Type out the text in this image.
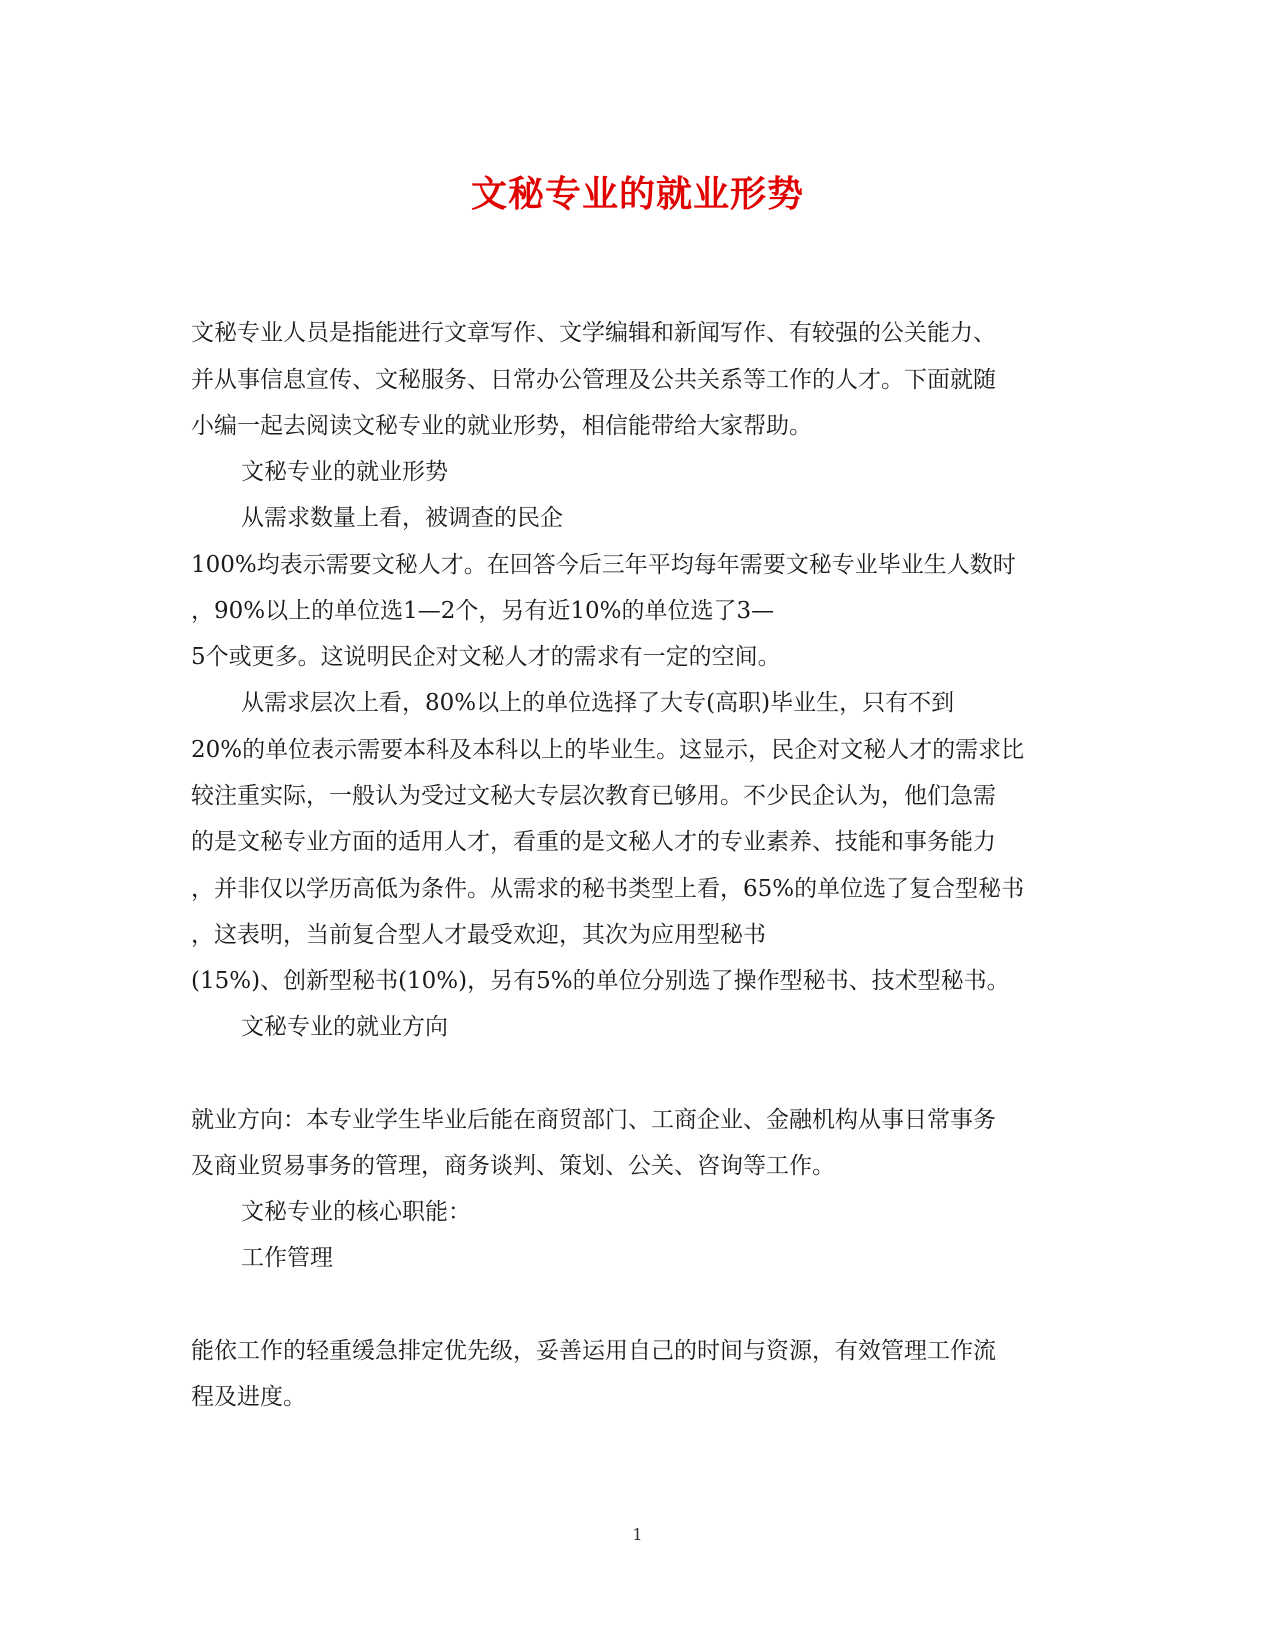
文秘专业的就业形势
文秘专业人员是指能进行文章写作、文学编辑和新闻写作、有较强的公关能力、
并从事信息宣传、文秘服务、日常办公管理及公共关系等工作的人才。下面就随
小编一起去阅读文秘专业的就业形势，相信能带给大家帮助。
文秘专业的就业形势
从需求数量上看，被调查的民企
100%均表示需要文秘人才。在回答今后三年平均每年需要文秘专业毕业生人数时
，90%以上的单位选1—2个，另有近10%的单位选了3—
5个或更多。这说明民企对文秘人才的需求有一定的空间。
从需求层次上看，80%以上的单位选择了大专(高职)毕业生，只有不到
20%的单位表示需要本科及本科以上的毕业生。这显示，民企对文秘人才的需求比
较注重实际，一般认为受过文秘大专层次教育已够用。不少民企认为，他们急需
的是文秘专业方面的适用人才，看重的是文秘人才的专业素养、技能和事务能力
，并非仅以学历高低为条件。从需求的秘书类型上看，65%的单位选了复合型秘书
，这表明，当前复合型人才最受欢迎，其次为应用型秘书
(15%)、创新型秘书(10%)，另有5%的单位分别选了操作型秘书、技术型秘书。
文秘专业的就业方向
就业方向：本专业学生毕业后能在商贸部门、工商企业、金融机构从事日常事务
及商业贸易事务的管理，商务谈判、策划、公关、咨询等工作。
文秘专业的核心职能：
工作管理
能依工作的轻重缓急排定优先级，妥善运用自己的时间与资源，有效管理工作流
程及进度。
1
